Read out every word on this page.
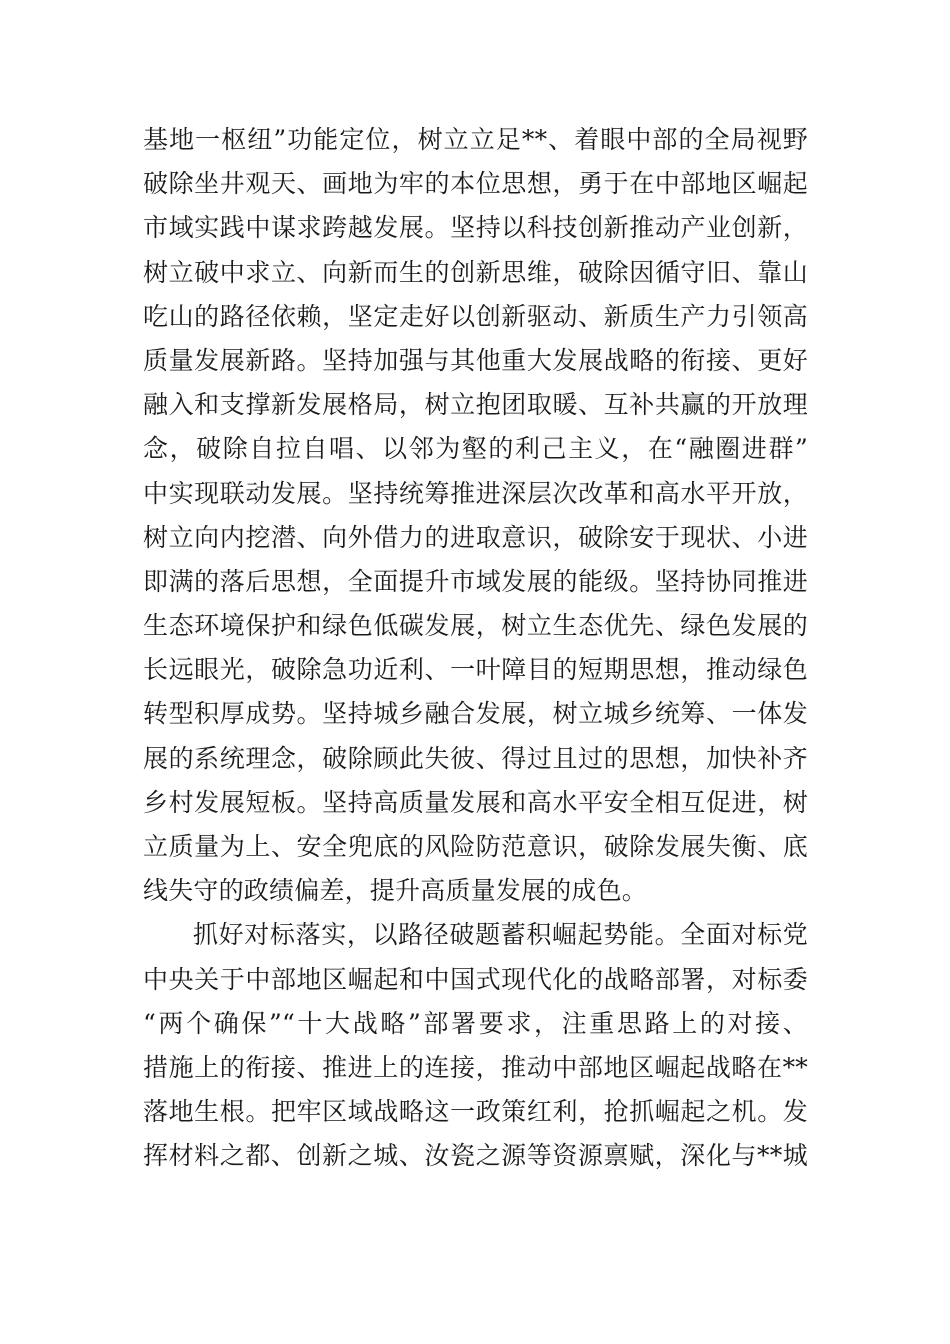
基地一枢纽”功能定位，树立立足**、着眼中部的全局视野
破除坐井观天、画地为牢的本位思想，勇于在中部地区崛起
市域实践中谋求跨越发展。坚持以科技创新推动产业创新，
树立破中求立、向新而生的创新思维，破除因循守旧、靠山
吃山的路径依赖，坚定走好以创新驱动、新质生产力引领高
质量发展新路。坚持加强与其他重大发展战略的衔接、更好
融入和支撑新发展格局，树立抱团取暖、互补共赢的开放理
念，破除自拉自唱、以邻为壑的利己主义，在“融圈进群”
中实现联动发展。坚持统筹推进深层次改革和高水平开放，
树立向内挖潜、向外借力的进取意识，破除安于现状、小进
即满的落后思想，全面提升市域发展的能级。坚持协同推进
生态环境保护和绿色低碳发展，树立生态优先、绿色发展的
长远眼光，破除急功近利、一叶障目的短期思想，推动绿色
转型积厚成势。坚持城乡融合发展，树立城乡统筹、一体发
展的系统理念，破除顾此失彼、得过且过的思想，加快补齐
乡村发展短板。坚持高质量发展和高水平安全相互促进，树
立质量为上、安全兜底的风险防范意识，破除发展失衡、底
线失守的政绩偏差，提升高质量发展的成色。
抓好对标落实，以路径破题蓄积崛起势能。全面对标党
中央关于中部地区崛起和中国式现代化的战略部署，对标委
“两个确保”“十大战略”部署要求，注重思路上的对接、
措施上的衔接、推进上的连接，推动中部地区崛起战略在**
落地生根。把牢区域战略这一政策红利，抢抓崛起之机。发
挥材料之都、创新之城、汝瓷之源等资源禀赋，深化与**城
